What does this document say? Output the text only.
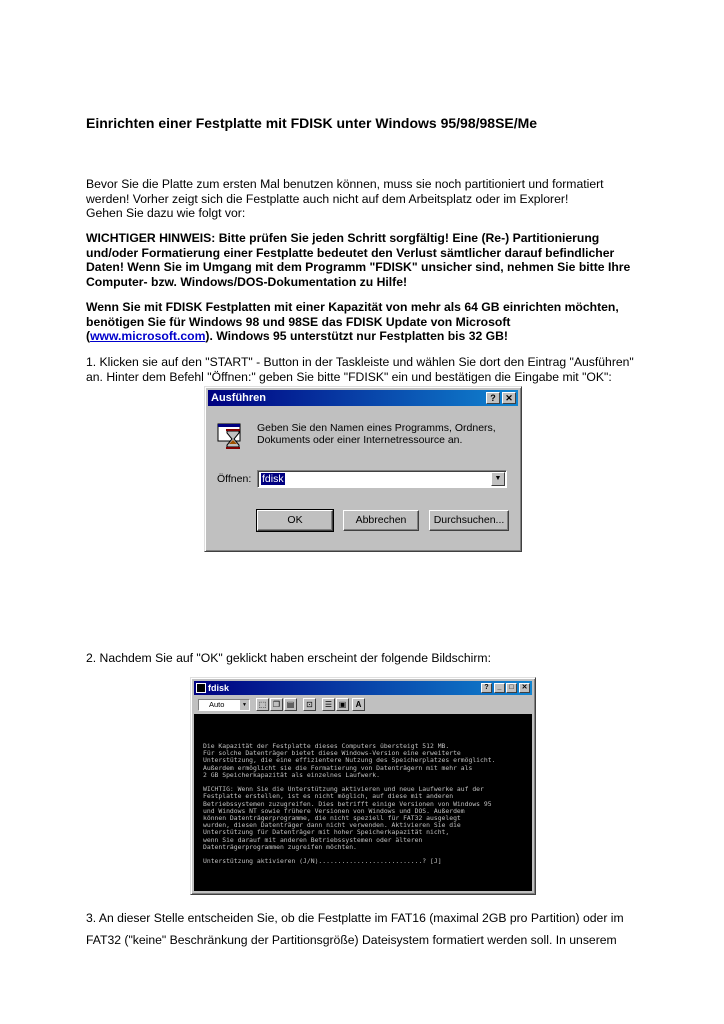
Einrichten einer Festplatte mit FDISK unter Windows 95/98/98SE/Me

Bevor Sie die Platte zum ersten Mal benutzen können, muss sie noch partitioniert und formatiert

werden! Vorher zeigt sich die Festplatte auch nicht auf dem Arbeitsplatz oder im Explorer!

Gehen Sie dazu wie folgt vor:

WICHTIGER HINWEIS: Bitte prüfen Sie jeden Schritt sorgfältig! Eine (Re-) Partitionierung

und/oder Formatierung einer Festplatte bedeutet den Verlust sämtlicher darauf befindlicher

Daten! Wenn Sie im Umgang mit dem Programm "FDISK" unsicher sind, nehmen Sie bitte Ihre

Computer- bzw. Windows/DOS-Dokumentation zu Hilfe!

Wenn Sie mit FDISK Festplatten mit einer Kapazität von mehr als 64 GB einrichten möchten,

benötigen Sie für Windows 98 und 98SE das FDISK Update von Microsoft

(www.microsoft.com). Windows 95 unterstützt nur Festplatten bis 32 GB!

1. Klicken sie auf den "START" - Button in der Taskleiste und wählen Sie dort den Eintrag "Ausführen"

an. Hinter dem Befehl "Öffnen:" geben Sie bitte "FDISK" ein und bestätigen die Eingabe mit "OK":

Ausführen	?	✕
Geben Sie den Namen eines Programms, Ordners, Dokuments oder einer Internetressource an.
Öffnen: fdisk	▼
OK	Abbrechen	Durchsuchen...

2. Nachdem Sie auf "OK" geklickt haben erscheint der folgende Bildschirm:

fdisk	?	_	□	✕
Auto	▼	⬚ ❐ ▤	⊡	☰ ▣	A

Die Kapazität der Festplatte dieses Computers übersteigt 512 MB.
Für solche Datenträger bietet diese Windows-Version eine erweiterte
Unterstützung, die eine effizientere Nutzung des Speicherplatzes ermöglicht.
Außerdem ermöglicht sie die Formatierung von Datenträgern mit mehr als
2 GB Speicherkapazität als einzelnes Laufwerk.

WICHTIG: Wenn Sie die Unterstützung aktivieren und neue Laufwerke auf der
Festplatte erstellen, ist es nicht möglich, auf diese mit anderen
Betriebssystemen zuzugreifen. Dies betrifft einige Versionen von Windows 95
und Windows NT sowie frühere Versionen von Windows und DOS. Außerdem
können Datenträgerprogramme, die nicht speziell für FAT32 ausgelegt
wurden, diesen Datenträger dann nicht verwenden. Aktivieren Sie die
Unterstützung für Datenträger mit hoher Speicherkapazität nicht,
wenn Sie darauf mit anderen Betriebssystemen oder älteren
Datenträgerprogrammen zugreifen möchten.

Unterstützung aktivieren (J/N)...........................? [J]

3. An dieser Stelle entscheiden Sie, ob die Festplatte im FAT16 (maximal 2GB pro Partition) oder im

FAT32 ("keine" Beschränkung der Partitionsgröße) Dateisystem formatiert werden soll. In unserem
